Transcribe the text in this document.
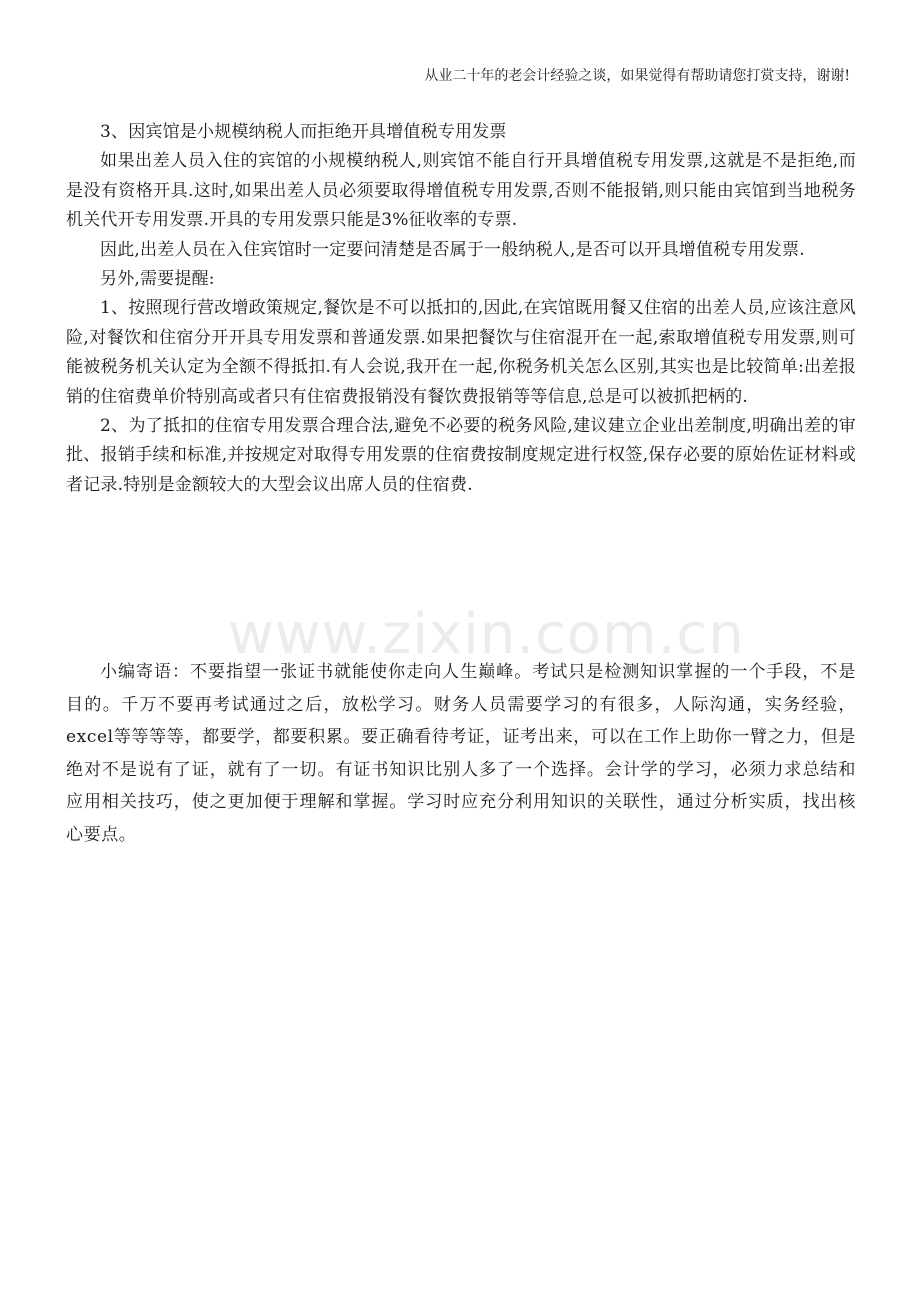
从业二十年的老会计经验之谈，如果觉得有帮助请您打赏支持，谢谢!

3、因宾馆是小规模纳税人而拒绝开具增值税专用发票

如果出差人员入住的宾馆的小规模纳税人,则宾馆不能自行开具增值税专用发票,这就是不是拒绝,而是没有资格开具.这时,如果出差人员必须要取得增值税专用发票,否则不能报销,则只能由宾馆到当地税务机关代开专用发票.开具的专用发票只能是3%征收率的专票.

因此,出差人员在入住宾馆时一定要问清楚是否属于一般纳税人,是否可以开具增值税专用发票.

另外,需要提醒:

1、按照现行营改增政策规定,餐饮是不可以抵扣的,因此,在宾馆既用餐又住宿的出差人员,应该注意风险,对餐饮和住宿分开开具专用发票和普通发票.如果把餐饮与住宿混开在一起,索取增值税专用发票,则可能被税务机关认定为全额不得抵扣.有人会说,我开在一起,你税务机关怎么区别,其实也是比较简单:出差报销的住宿费单价特别高或者只有住宿费报销没有餐饮费报销等等信息,总是可以被抓把柄的.

2、为了抵扣的住宿专用发票合理合法,避免不必要的税务风险,建议建立企业出差制度,明确出差的审批、报销手续和标准,并按规定对取得专用发票的住宿费按制度规定进行权签,保存必要的原始佐证材料或者记录.特别是金额较大的大型会议出席人员的住宿费.

www.zixin.com.cn

小编寄语：不要指望一张证书就能使你走向人生巅峰。考试只是检测知识掌握的一个手段，不是目的。千万不要再考试通过之后，放松学习。财务人员需要学习的有很多，人际沟通，实务经验，excel等等等等，都要学，都要积累。要正确看待考证，证考出来，可以在工作上助你一臂之力，但是绝对不是说有了证，就有了一切。有证书知识比别人多了一个选择。会计学的学习，必须力求总结和应用相关技巧，使之更加便于理解和掌握。学习时应充分利用知识的关联性，通过分析实质，找出核心要点。
